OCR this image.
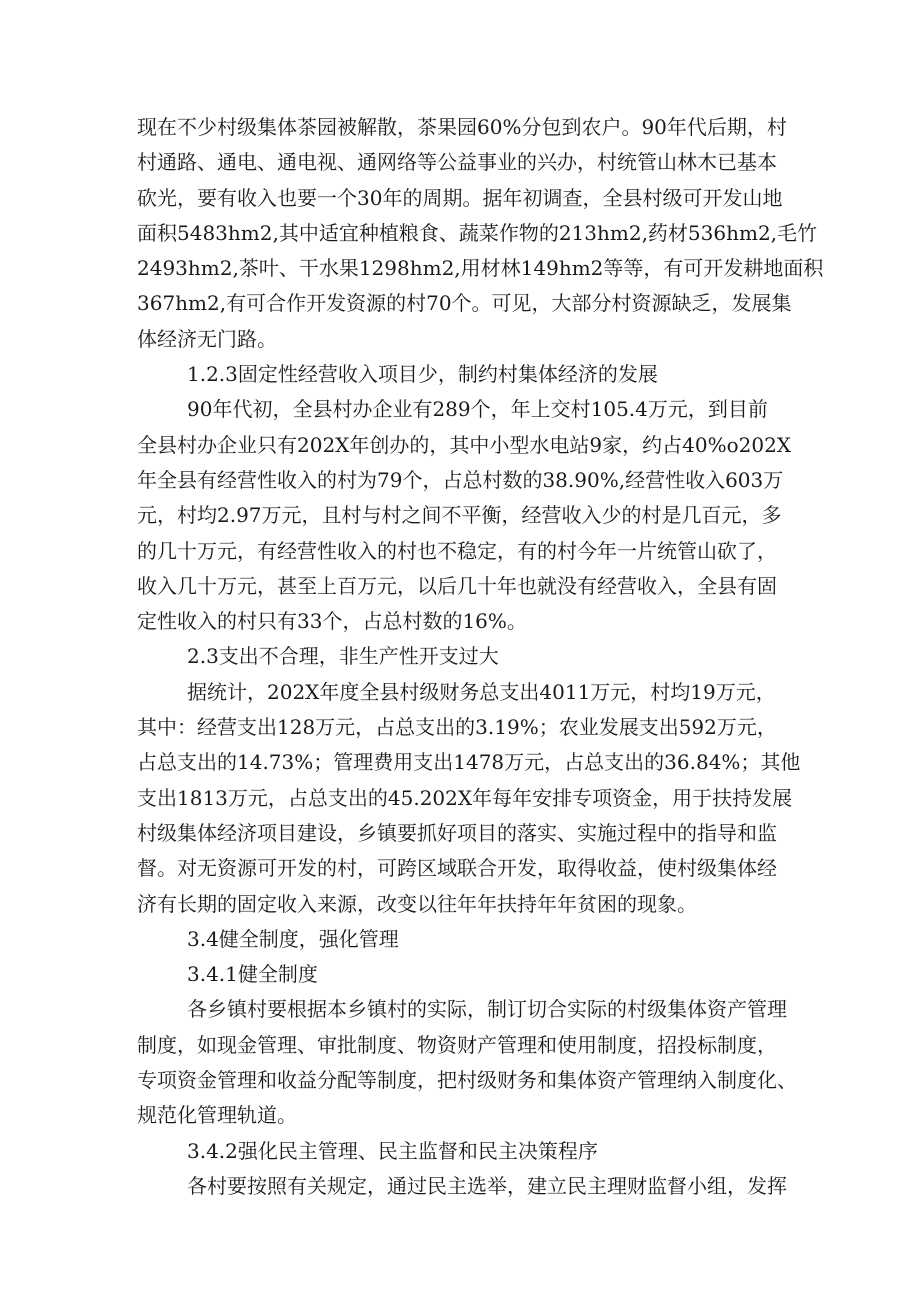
现在不少村级集体茶园被解散，茶果园60%分包到农户。90年代后期，村
村通路、通电、通电视、通网络等公益事业的兴办，村统管山林木已基本
砍光，要有收入也要一个30年的周期。据年初调查，全县村级可开发山地
面积5483hm2,其中适宜种植粮食、蔬菜作物的213hm2,药材536hm2,毛竹
2493hm2,茶叶、干水果1298hm2,用材林149hm2等等，有可开发耕地面积
367hm2,有可合作开发资源的村70个。可见，大部分村资源缺乏，发展集
体经济无门路。
1.2.3固定性经营收入项目少，制约村集体经济的发展
90年代初，全县村办企业有289个，年上交村105.4万元，到目前
全县村办企业只有202X年创办的，其中小型水电站9家，约占40%o202X
年全县有经营性收入的村为79个，占总村数的38.90%,经营性收入603万
元，村均2.97万元，且村与村之间不平衡，经营收入少的村是几百元，多
的几十万元，有经营性收入的村也不稳定，有的村今年一片统管山砍了，
收入几十万元，甚至上百万元，以后几十年也就没有经营收入，全县有固
定性收入的村只有33个，占总村数的16%。
2.3支出不合理，非生产性开支过大
据统计，202X年度全县村级财务总支出4011万元，村均19万元，
其中：经营支出128万元，占总支出的3.19%；农业发展支出592万元，
占总支出的14.73%；管理费用支出1478万元，占总支出的36.84%；其他
支出1813万元，占总支出的45.202X年每年安排专项资金，用于扶持发展
村级集体经济项目建设，乡镇要抓好项目的落实、实施过程中的指导和监
督。对无资源可开发的村，可跨区域联合开发，取得收益，使村级集体经
济有长期的固定收入来源，改变以往年年扶持年年贫困的现象。
3.4健全制度，强化管理
3.4.1健全制度
各乡镇村要根据本乡镇村的实际，制订切合实际的村级集体资产管理
制度，如现金管理、审批制度、物资财产管理和使用制度，招投标制度，
专项资金管理和收益分配等制度，把村级财务和集体资产管理纳入制度化、
规范化管理轨道。
3.4.2强化民主管理、民主监督和民主决策程序
各村要按照有关规定，通过民主选举，建立民主理财监督小组，发挥
